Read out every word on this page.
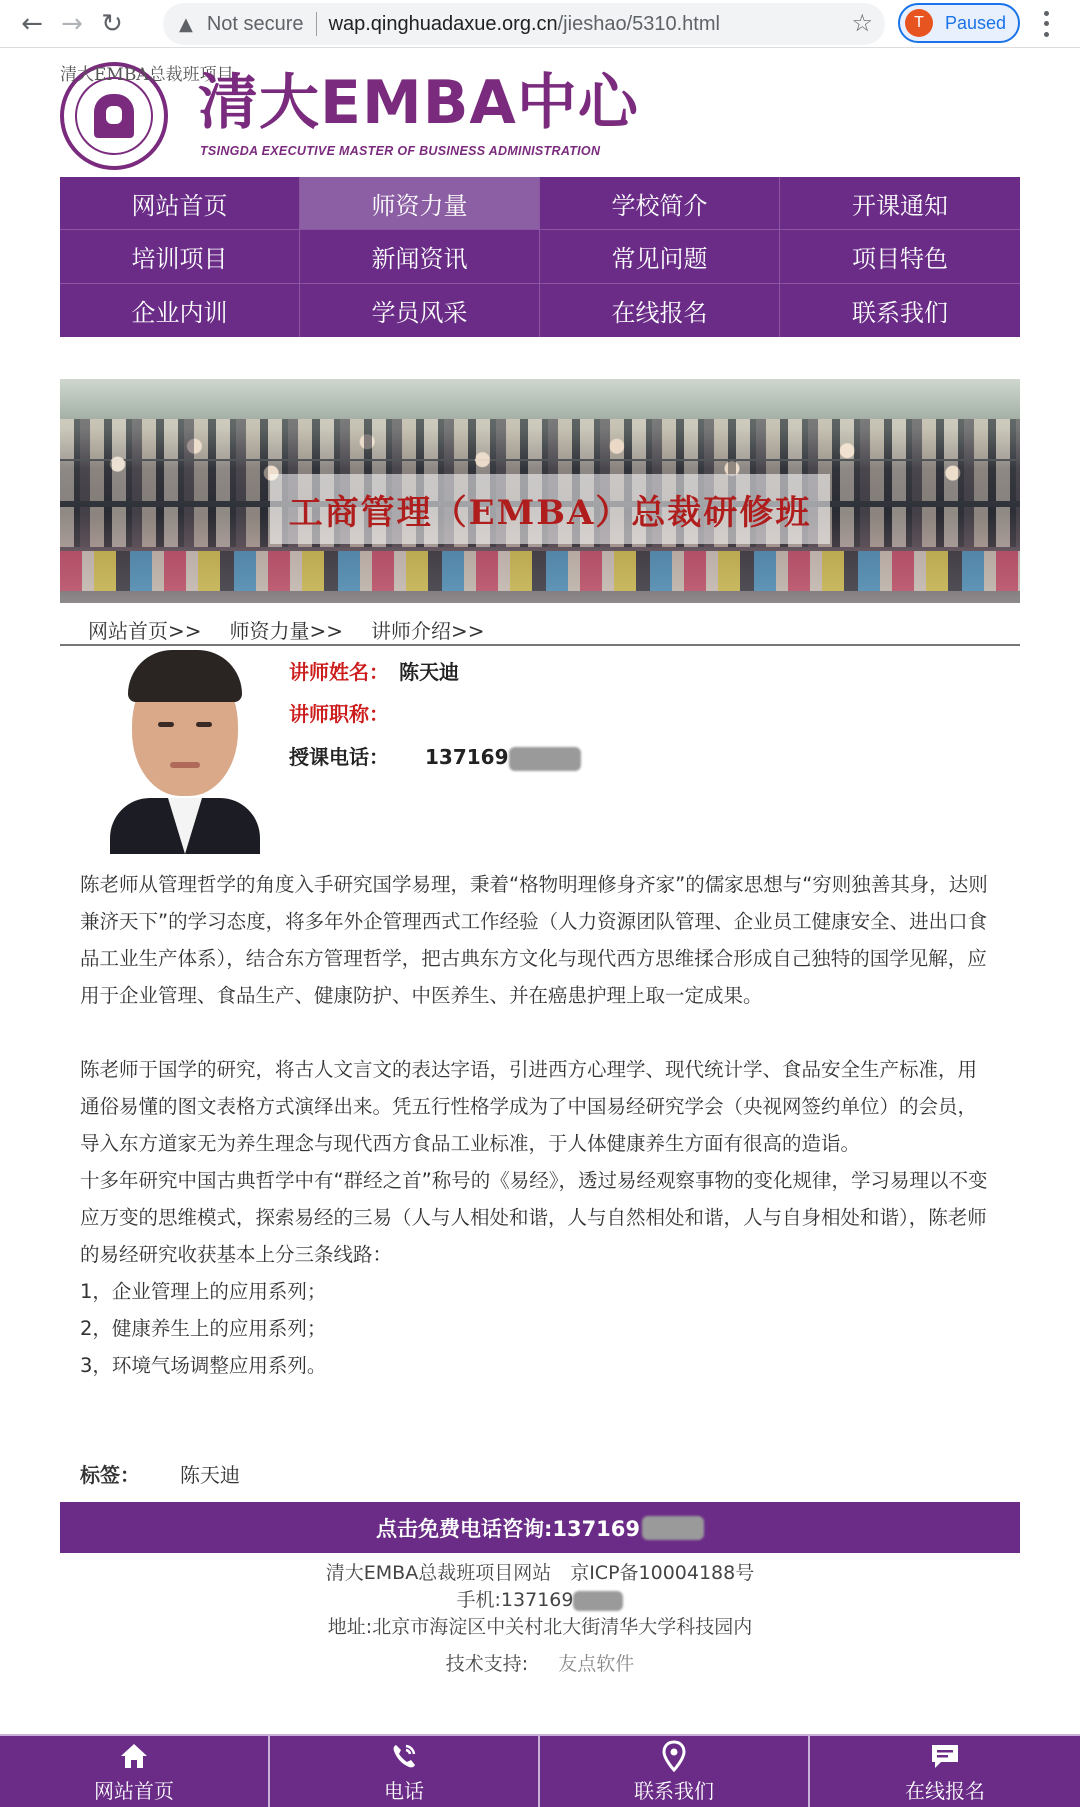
← → ↻	▲ Not secure wap.qinghuadaxue.org.cn/jieshao/5310.html	☆	T	Paused
清大EMBA总裁班项目
清大EMBA中心
TSINGDA EXECUTIVE MASTER OF BUSINESS ADMINISTRATION
网站首页	师资力量	学校简介	开课通知
培训项目	新闻资讯	常见问题	项目特色
企业内训	学员风采	在线报名	联系我们
工商管理（EMBA）总裁研修班
网站首页>> 师资力量>> 讲师介绍>>
讲师姓名： 陈天迪
讲师职称：
授课电话： 137169

陈老师从管理哲学的角度入手研究国学易理，秉着“格物明理修身齐家”的儒家思想与“穷则独善其身，达则兼济天下”的学习态度，将多年外企管理西式工作经验（人力资源团队管理、企业员工健康安全、进出口食品工业生产体系），结合东方管理哲学，把古典东方文化与现代西方思维揉合形成自己独特的国学见解，应用于企业管理、食品生产、健康防护、中医养生、并在癌患护理上取一定成果。

陈老师于国学的研究，将古人文言文的表达字语，引进西方心理学、现代统计学、食品安全生产标准，用通俗易懂的图文表格方式演绎出来。凭五行性格学成为了中国易经研究学会（央视网签约单位）的会员，导入东方道家无为养生理念与现代西方食品工业标准，于人体健康养生方面有很高的造诣。

十多年研究中国古典哲学中有“群经之首”称号的《易经》，透过易经观察事物的变化规律，学习易理以不变应万变的思维模式，探索易经的三易（人与人相处和谐，人与自然相处和谐，人与自身相处和谐），陈老师的易经研究收获基本上分三条线路：

1，企业管理上的应用系列；

2，健康养生上的应用系列；

3，环境气场调整应用系列。

标签： 陈天迪
点击免费电话咨询:137169
清大EMBA总裁班项目网站　京ICP备10004188号
手机:137169
地址:北京市海淀区中关村北大街清华大学科技园内
技术支持: 友点软件
网站首页	电话	联系我们	在线报名
